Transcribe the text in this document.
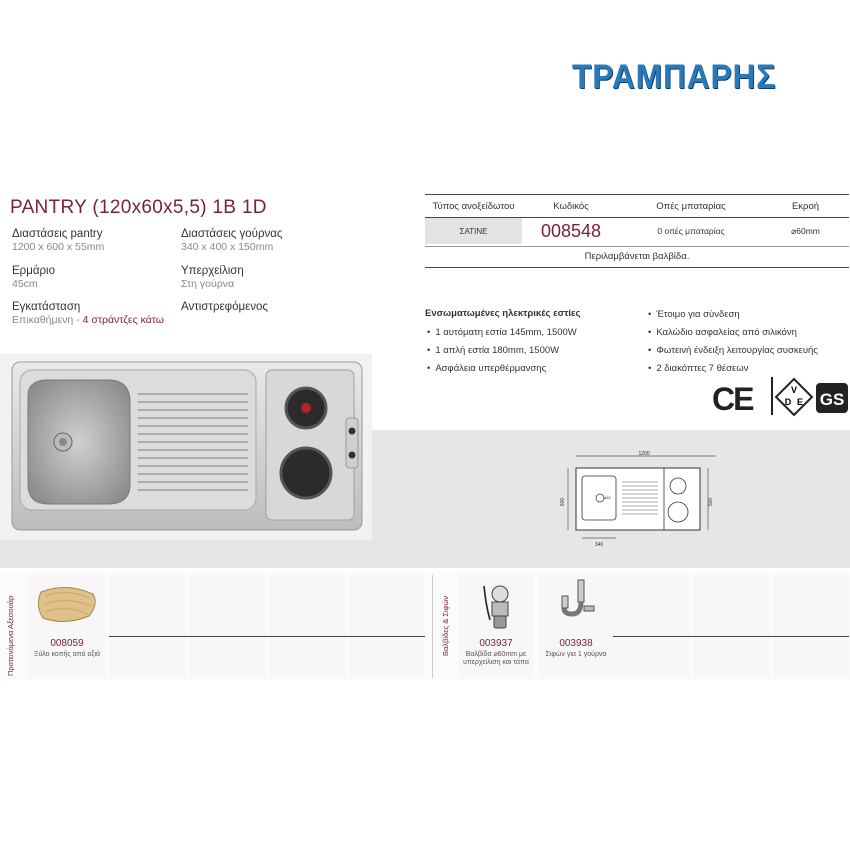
ΤΡΑΜΠΑΡΗΣ
PANTRY (120x60x5,5) 1B 1D
Διαστάσεις pantry
1200 x 600 x 55mm
Ερμάριο
45cm
Εγκατάσταση
Επικαθήμενη - 4 στράντζες κάτω
Διαστάσεις γούρνας
340 x 400 x 150mm
Υπερχείλιση
Στη γούρνα
Αντιστρεφόμενος
Τύπος ανοξείδωτου	Κωδικός	Οπές μπαταρίας	Εκροή
ΣΑΤΙΝΕ	008548	0 οπές μπαταρίας	⌀60mm
Περιλαμβάνεται βαλβίδα.
Ενσωματωμένες ηλεκτρικές εστίες
• 1 αυτόματη εστία 145mm, 1500W
• 1 απλή εστία 180mm, 1500W
• Ασφάλεια υπερθέρμανσης
• Έτοιμο για σύνδεση
• Καλώδιο ασφαλείας από σιλικόνη
• Φωτεινή ένδειξη λειτουργίας συσκευής
• 2 διακόπτες 7 θέσεων
CE	V
D E GS
1200
600	500
⌀52
340
Προτεινόμενα Αξεσουάρ	008059
Ξύλο κοπής από οξιά	Βαλβίδες & Σιφών	003937
Βαλβίδα ⌀60mm με υπερχείλιση και τάπα
003938
Σιφών για 1 γούρνα
